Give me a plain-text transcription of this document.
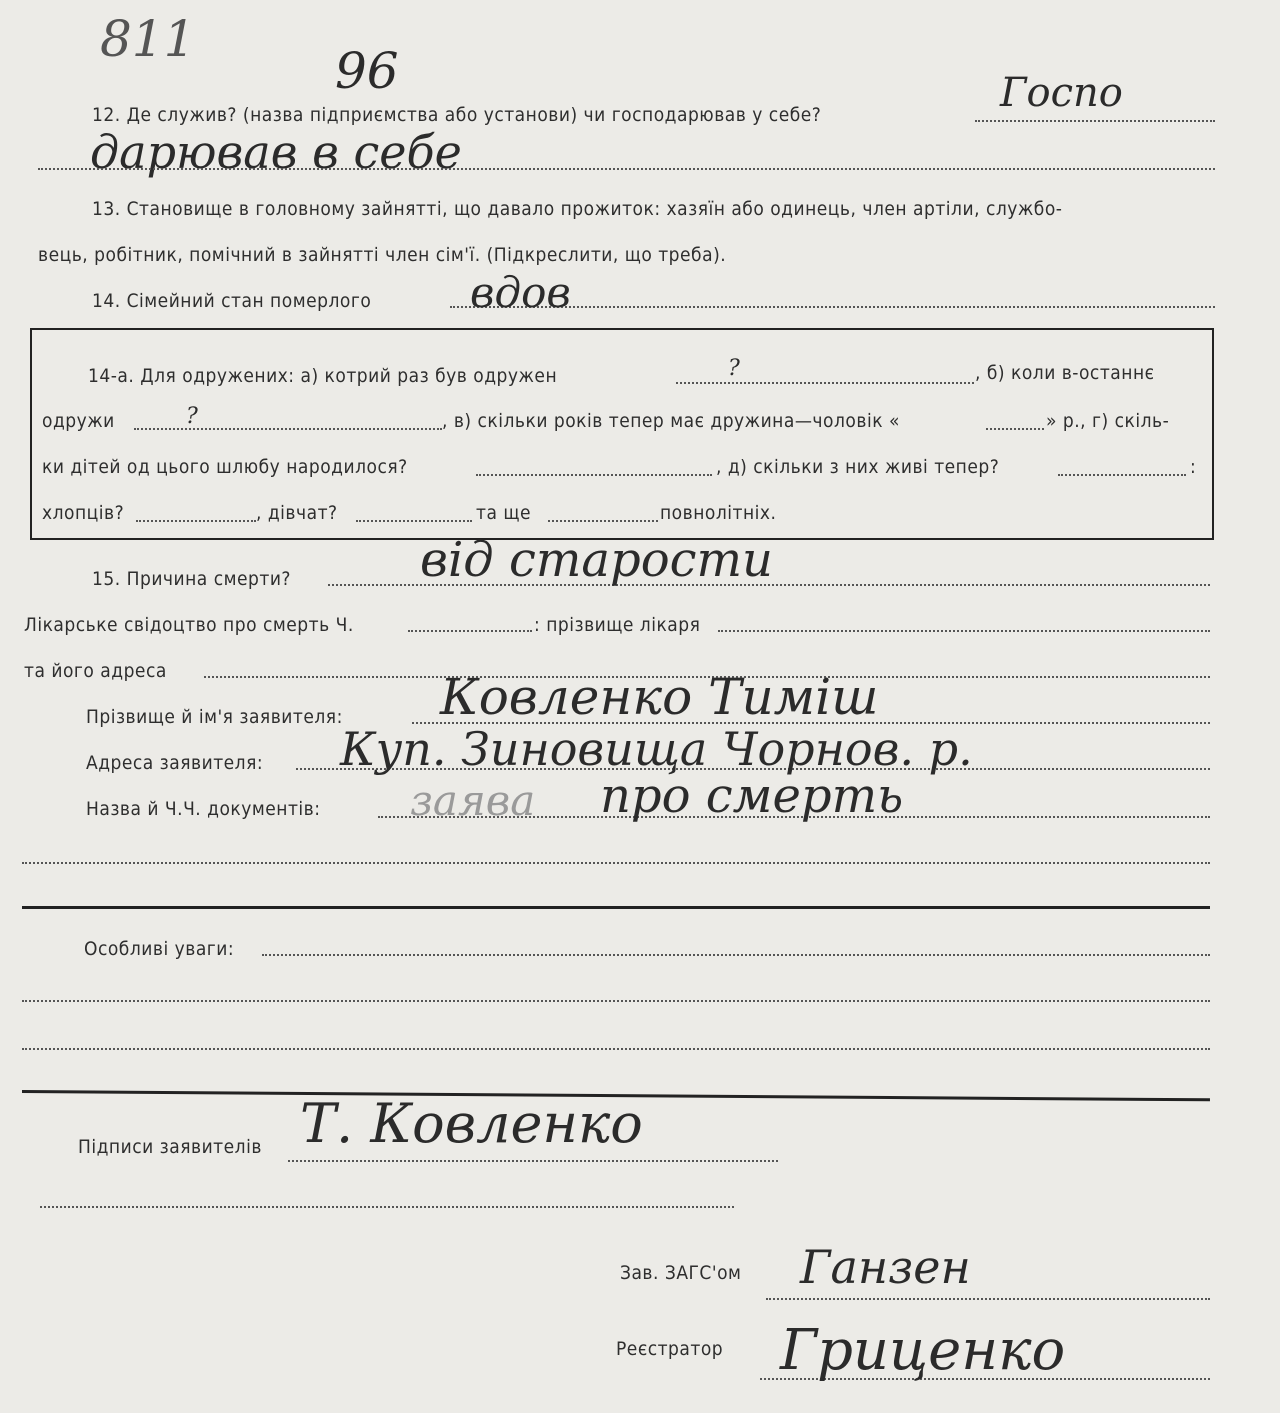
811
96
12. Де служив? (назва підприємства або установи) чи господарював у себе?	Госпо
дарював в себе
13. Становище в головному зайнятті, що давало прожиток: хазяїн або одинець, член артіли, службо-
вець, робітник, помічний в зайнятті член сім'ї. (Підкреслити, що треба).
14. Сімейний стан померлого вдов
14-а. Для одружених: а) котрий раз був одружен	?	, б) коли в-останнє
одружи	?	, в) скільки років тепер має дружина—чоловік «	» р., г) скіль-
ки дітей од цього шлюбу народилося?	, д) скільки з них живі тепер?	:
хлопців?	, дівчат?	та ще	повнолітніх.
15. Причина смерти?	від старости
Лікарське свідоцтво про смерть Ч.	: прізвище лікаря
та його адреса
Прізвище й ім'я заявителя: Ковленко Тиміш
Адреса заявителя: Куп. Зиновища Чорнов. р.
Назва й Ч.Ч. документів: заява про смерть
Особливі уваги:
Підписи заявителів Т. Ковленко
Зав. ЗАГС'ом Ганзен
Реєстратор Гриценко
